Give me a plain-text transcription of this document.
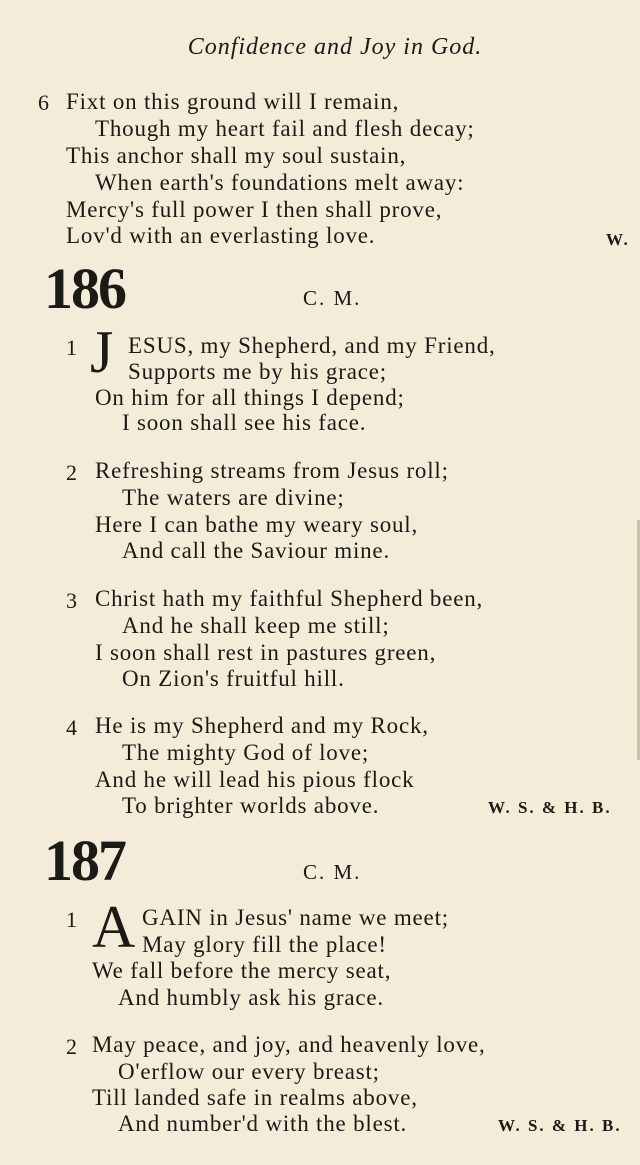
Confidence and Joy in God.
6 Fixt on this ground will I remain,
Though my heart fail and flesh decay;
This anchor shall my soul sustain,
When earth's foundations melt away:
Mercy's full power I then shall prove,
Lov'd with an everlasting love.	W.
186	C. M.
1 J ESUS, my Shepherd, and my Friend,
Supports me by his grace;
On him for all things I depend;
I soon shall see his face.
2 Refreshing streams from Jesus roll;
The waters are divine;
Here I can bathe my weary soul,
And call the Saviour mine.
3 Christ hath my faithful Shepherd been,
And he shall keep me still;
I soon shall rest in pastures green,
On Zion's fruitful hill.
4 He is my Shepherd and my Rock,
The mighty God of love;
And he will lead his pious flock
To brighter worlds above.	W. S. & H. B.
187	C. M.
1 A GAIN in Jesus' name we meet;
May glory fill the place!
We fall before the mercy seat,
And humbly ask his grace.
2 May peace, and joy, and heavenly love,
O'erflow our every breast;
Till landed safe in realms above,
And number'd with the blest.	W. S. & H. B.
